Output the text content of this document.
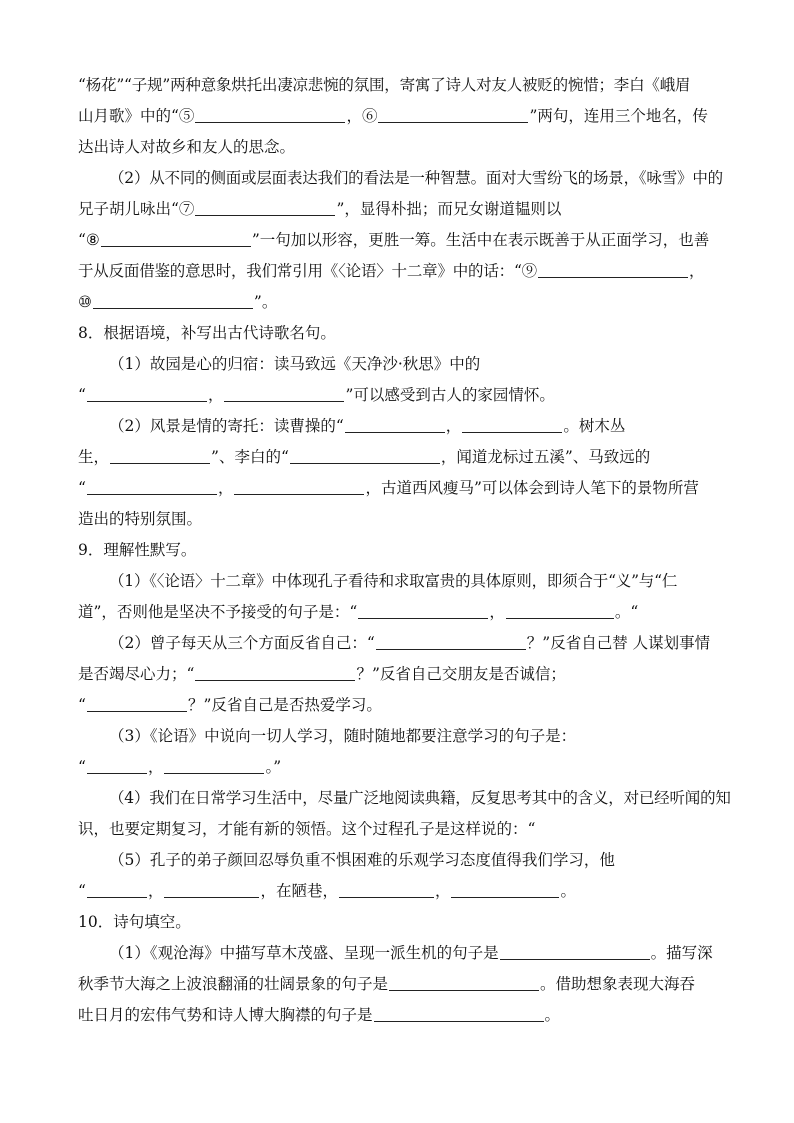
“杨花”“子规”两种意象烘托出凄凉悲惋的氛围，寄寓了诗人对友人被贬的惋惜；李白《峨眉
山月歌》中的“⑤	，⑥	”两句，连用三个地名，传
达出诗人对故乡和友人的思念。
（2）从不同的侧面或层面表达我们的看法是一种智慧。面对大雪纷飞的场景，《咏雪》中的
兄子胡儿咏出“⑦	”，显得朴拙；而兄女谢道韫则以
“⑧	”一句加以形容，更胜一筹。生活中在表示既善于从正面学习，也善
于从反面借鉴的意思时，我们常引用《〈论语〉十二章》中的话：“⑨	，
⑩	”。
8．根据语境，补写出古代诗歌名句。
（1）故园是心的归宿：读马致远《天净沙·秋思》中的
“	，	”可以感受到古人的家园情怀。
（2）风景是情的寄托：读曹操的“	，	。树木丛
生，	”、李白的“	，闻道龙标过五溪”、马致远的
“	，	，古道西风瘦马”可以体会到诗人笔下的景物所营
造出的特别氛围。
9．理解性默写。
（1）《〈论语〉十二章》中体现孔子看待和求取富贵的具体原则，即须合于“义”与“仁
道”，否则他是坚决不予接受的句子是：“	，	。“
（2）曾子每天从三个方面反省自己：“	？”反省自己替 人谋划事情
是否竭尽心力；“	？”反省自己交朋友是否诚信；
“	？”反省自己是否热爱学习。
（3）《论语》中说向一切人学习，随时随地都要注意学习的句子是：
“	，	。”
（4）我们在日常学习生活中，尽量广泛地阅读典籍，反复思考其中的含义，对已经听闻的知
识，也要定期复习，才能有新的领悟。这个过程孔子是这样说的：“
（5）孔子的弟子颜回忍辱负重不惧困难的乐观学习态度值得我们学习，他
“	，	，在陋巷，	，	。
10．诗句填空。
（1）《观沧海》中描写草木茂盛、呈现一派生机的句子是	。描写深
秋季节大海之上波浪翻涌的壮阔景象的句子是	。借助想象表现大海吞
吐日月的宏伟气势和诗人博大胸襟的句子是	。
